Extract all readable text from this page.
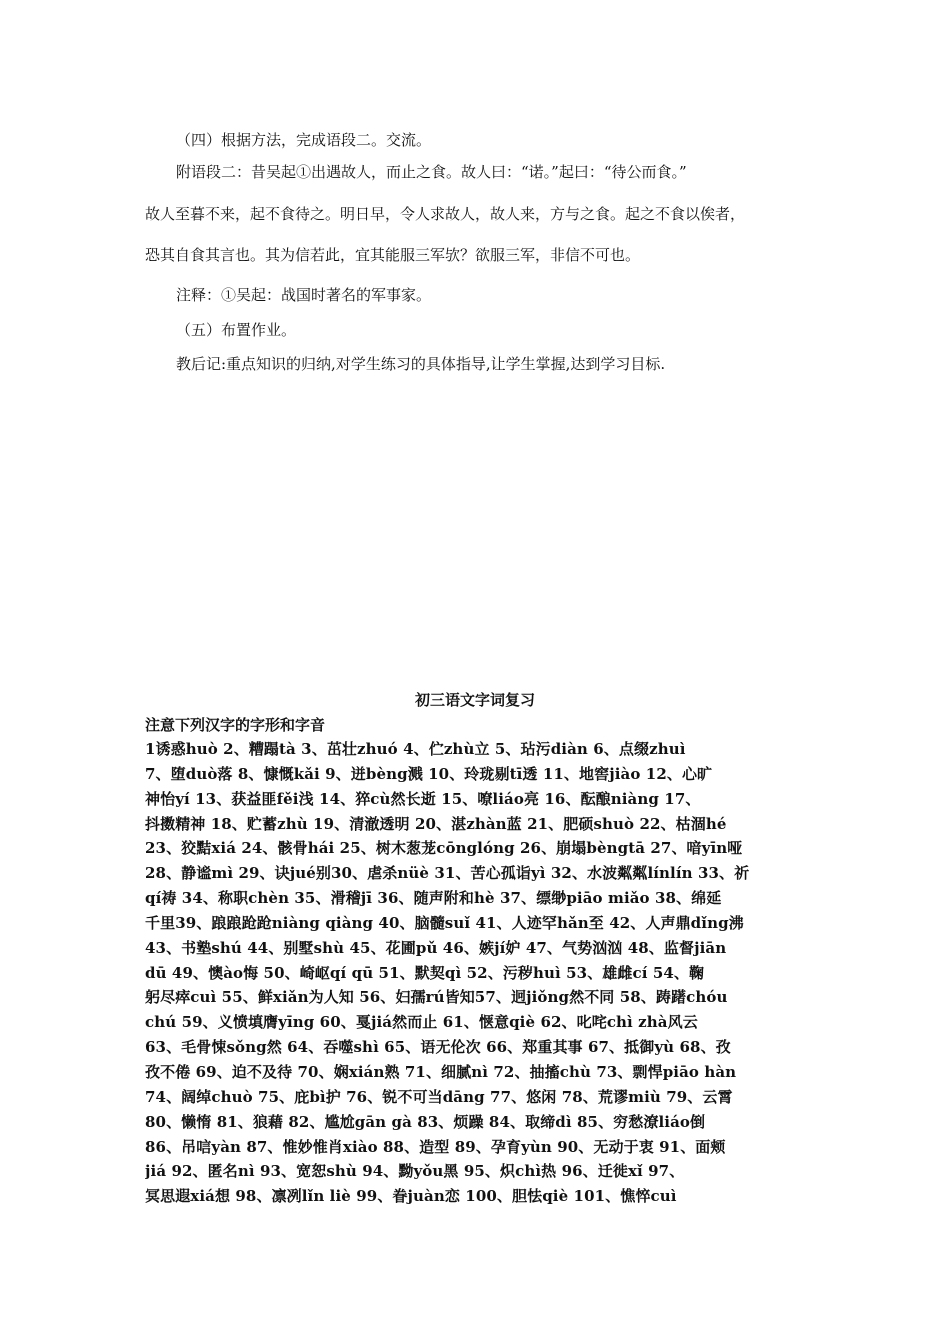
（四）根据方法，完成语段二。交流。

附语段二：昔吴起①出遇故人，而止之食。故人曰：“诺。”起曰：“待公而食。”

故人至暮不来，起不食待之。明日早，令人求故人，故人来，方与之食。起之不食以俟者，

恐其自食其言也。其为信若此，宜其能服三军欤？欲服三军，非信不可也。

注释：①吴起：战国时著名的军事家。

（五）布置作业。

教后记:重点知识的归纳,对学生练习的具体指导,让学生掌握,达到学习目标.

初三语文字词复习
注意下列汉字的字形和字音
1诱惑huò 2、糟蹋tà 3、茁壮zhuó 4、伫zhù立 5、玷污diàn 6、点缀zhuì
7、堕duò落 8、慷慨kǎi 9、迸bèng溅 10、玲珑剔tī透 11、地窖jiào 12、心旷
神怡yí 13、获益匪fěi浅 14、猝cù然长逝 15、嘹liáo亮 16、酝酿niàng 17、
抖擞精神 18、贮蓄zhù 19、清澈透明 20、湛zhàn蓝 21、肥硕shuò 22、枯涸hé
23、狡黠xiá 24、骸骨hái 25、树木葱茏cōnglóng 26、崩塌bèngtā 27、喑yīn哑
28、静谧mì 29、诀jué别30、虐杀nüè 31、苦心孤诣yì 32、水波粼粼línlín 33、祈
qí祷 34、称职chèn 35、滑稽jī 36、随声附和hè 37、缥缈piāo miǎo 38、绵延
千里39、踉踉跄跄niàng qiàng 40、脑髓suǐ 41、人迹罕hǎn至 42、人声鼎dǐng沸
43、书塾shú 44、别墅shù 45、花圃pǔ 46、嫉jí妒 47、气势汹汹 48、监督jiān
dū 49、懊ào悔 50、崎岖qí qū 51、默契qì 52、污秽huì 53、雄雌cí 54、鞠
躬尽瘁cuì 55、鲜xiǎn为人知 56、妇孺rú皆知57、迥jiǒng然不同 58、踌躇chóu
chú 59、义愤填膺yīng 60、戛jiá然而止 61、惬意qiè 62、叱咤chì zhà风云
63、毛骨悚sǒng然 64、吞噬shì 65、语无伦次 66、郑重其事 67、抵御yù 68、孜
孜不倦 69、迫不及待 70、娴xián熟 71、细腻nì 72、抽搐chù 73、剽悍piāo hàn
74、阔绰chuò 75、庇bì护 76、锐不可当dāng 77、悠闲 78、荒谬miù 79、云霄
80、懒惰 81、狼藉 82、尴尬gān gà 83、烦躁 84、取缔dì 85、穷愁潦liáo倒
86、吊唁yàn 87、惟妙惟肖xiào 88、造型 89、孕育yùn 90、无动于衷 91、面颊
jiá 92、匿名nì 93、宽恕shù 94、黝yǒu黑 95、炽chì热 96、迁徙xǐ 97、
冥思遐xiá想 98、凛冽lǐn liè 99、眷juàn恋 100、胆怯qiè 101、憔悴cuì
